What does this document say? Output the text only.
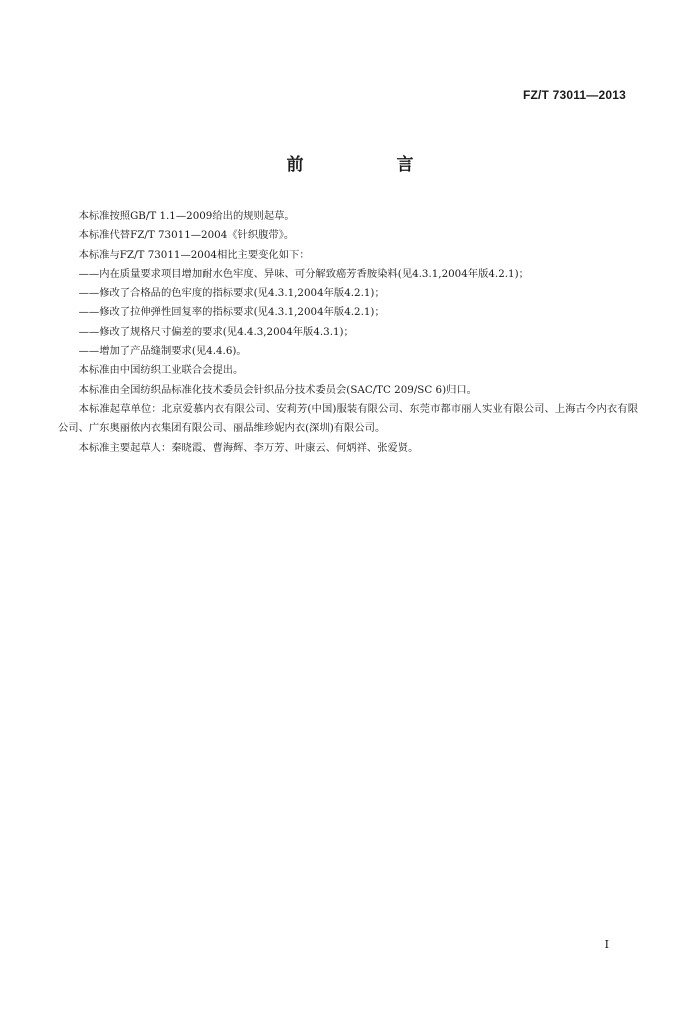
FZ/T 73011—2013
前　言

本标准按照GB/T 1.1—2009给出的规则起草。

本标准代替FZ/T 73011—2004《针织腹带》。

本标准与FZ/T 73011—2004相比主要变化如下：

——内在质量要求项目增加耐水色牢度、异味、可分解致癌芳香胺染料(见4.3.1,2004年版4.2.1)；

——修改了合格品的色牢度的指标要求(见4.3.1,2004年版4.2.1)；

——修改了拉伸弹性回复率的指标要求(见4.3.1,2004年版4.2.1)；

——修改了规格尺寸偏差的要求(见4.4.3,2004年版4.3.1)；

——增加了产品缝制要求(见4.4.6)。

本标准由中国纺织工业联合会提出。

本标准由全国纺织品标准化技术委员会针织品分技术委员会(SAC/TC 209/SC 6)归口。

本标准起草单位：北京爱慕内衣有限公司、安莉芳(中国)服装有限公司、东莞市都市丽人实业有限公司、上海古今内衣有限公司、广东奥丽侬内衣集团有限公司、丽晶维珍妮内衣(深圳)有限公司。

本标准主要起草人：秦晓霞、曹海辉、李万芳、叶康云、何炳祥、张爱贤。

I
